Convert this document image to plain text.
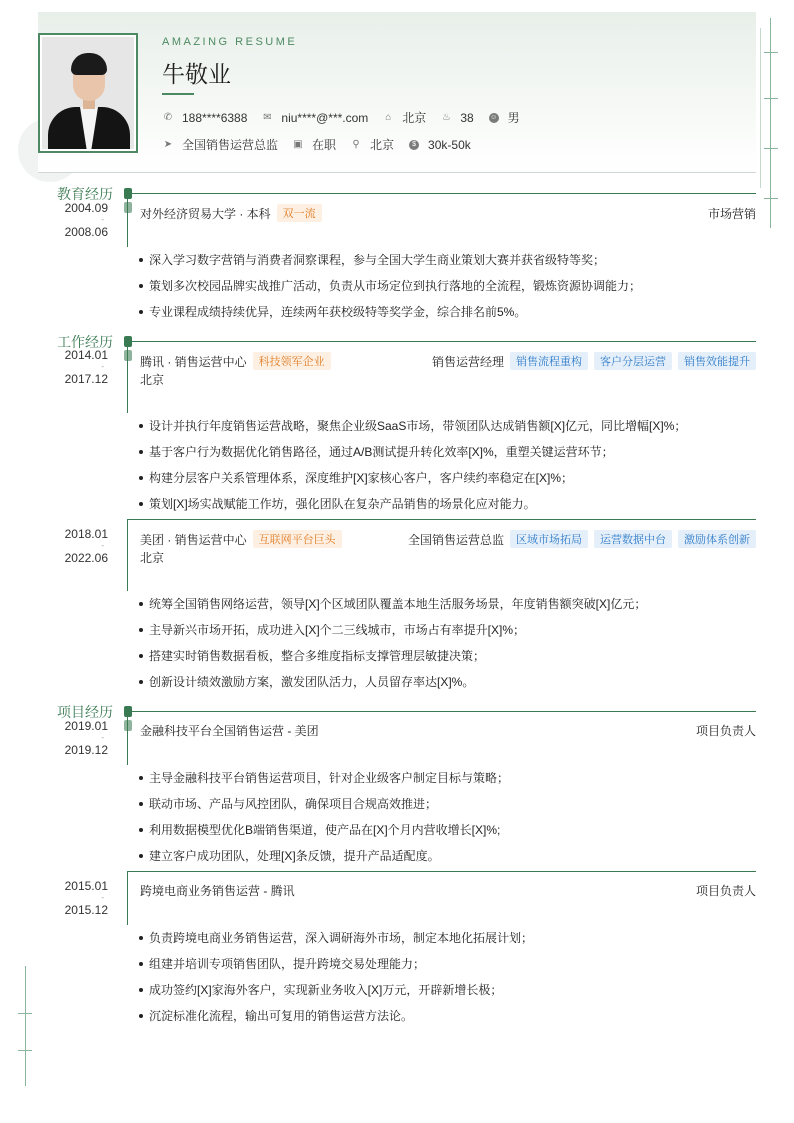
AMAZING RESUME
牛敬业
✆ 188****6388 ✉ niu****@***.com ⌂ 北京 ♨ 38 ☺ 男
➤ 全国销售运营总监 ▣ 在职 ⚲ 北京	$ 30k-50k
教育经历
2004.09
-
2008.06
对外经济贸易大学 · 本科	双一流	市场营销
深入学习数字营销与消费者洞察课程，参与全国大学生商业策划大赛并获省级特等奖；
策划多次校园品牌实战推广活动，负责从市场定位到执行落地的全流程，锻炼资源协调能力；
专业课程成绩持续优异，连续两年获校级特等奖学金，综合排名前5%。
工作经历
2014.01
-
2017.12
腾讯 · 销售运营中心	科技领军企业	销售运营经理	销售流程重构	客户分层运营	销售效能提升
北京
设计并执行年度销售运营战略，聚焦企业级SaaS市场，带领团队达成销售额[X]亿元，同比增幅[X]%；
基于客户行为数据优化销售路径，通过A/B测试提升转化效率[X]%，重塑关键运营环节；
构建分层客户关系管理体系，深度维护[X]家核心客户，客户续约率稳定在[X]%；
策划[X]场实战赋能工作坊，强化团队在复杂产品销售的场景化应对能力。
2018.01
-
2022.06
美团 · 销售运营中心	互联网平台巨头	全国销售运营总监	区域市场拓局	运营数据中台	激励体系创新
北京
统筹全国销售网络运营，领导[X]个区域团队覆盖本地生活服务场景，年度销售额突破[X]亿元；
主导新兴市场开拓，成功进入[X]个二三线城市，市场占有率提升[X]%；
搭建实时销售数据看板，整合多维度指标支撑管理层敏捷决策；
创新设计绩效激励方案，激发团队活力，人员留存率达[X]%。
项目经历
2019.01
-
2019.12
金融科技平台全国销售运营 - 美团	项目负责人
主导金融科技平台销售运营项目，针对企业级客户制定目标与策略；
联动市场、产品与风控团队，确保项目合规高效推进；
利用数据模型优化B端销售渠道，使产品在[X]个月内营收增长[X]%;
建立客户成功团队，处理[X]条反馈，提升产品适配度。
2015.01
-
2015.12
跨境电商业务销售运营 - 腾讯	项目负责人
负责跨境电商业务销售运营，深入调研海外市场，制定本地化拓展计划；
组建并培训专项销售团队，提升跨境交易处理能力；
成功签约[X]家海外客户，实现新业务收入[X]万元，开辟新增长极；
沉淀标准化流程，输出可复用的销售运营方法论。
